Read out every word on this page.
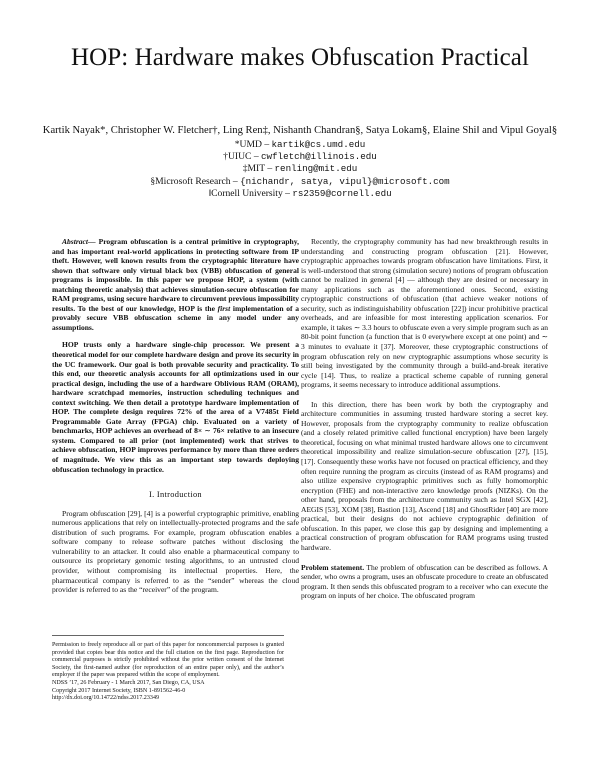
HOP: Hardware makes Obfuscation Practical
Kartik Nayak*, Christopher W. Fletcher†, Ling Ren‡, Nishanth Chandran§, Satya Lokam§, Elaine Shi‖ and Vipul Goyal§
*UMD – kartik@cs.umd.edu
†UIUC – cwfletch@illinois.edu
‡MIT – renling@mit.edu
§Microsoft Research – {nichandr, satya, vipul}@microsoft.com
‖Cornell University – rs2359@cornell.edu

Abstract— Program obfuscation is a central primitive in cryptography, and has important real-world applications in protecting software from IP theft. However, well known results from the cryptographic literature have shown that software only virtual black box (VBB) obfuscation of general programs is impossible. In this paper we propose HOP, a system (with matching theoretic analysis) that achieves simulation-secure obfuscation for RAM programs, using secure hardware to circumvent previous impossibility results. To the best of our knowledge, HOP is the first implementation of a provably secure VBB obfuscation scheme in any model under any assumptions.

HOP trusts only a hardware single-chip processor. We present a theoretical model for our complete hardware design and prove its security in the UC framework. Our goal is both provable security and practicality. To this end, our theoretic analysis accounts for all optimizations used in our practical design, including the use of a hardware Oblivious RAM (ORAM), hardware scratchpad memories, instruction scheduling techniques and context switching. We then detail a prototype hardware implementation of HOP. The complete design requires 72% of the area of a V7485t Field Programmable Gate Array (FPGA) chip. Evaluated on a variety of benchmarks, HOP achieves an overhead of 8× ∼ 76× relative to an insecure system. Compared to all prior (not implemented) work that strives to achieve obfuscation, HOP improves performance by more than three orders of magnitude. We view this as an important step towards deploying obfuscation technology in practice.

I. Introduction

Program obfuscation [29], [4] is a powerful cryptographic primitive, enabling numerous applications that rely on intellectually-protected programs and the safe distribution of such programs. For example, program obfuscation enables a software company to release software patches without disclosing the vulnerability to an attacker. It could also enable a pharmaceutical company to outsource its proprietary genomic testing algorithms, to an untrusted cloud provider, without compromising its intellectual properties. Here, the pharmaceutical company is referred to as the “sender” whereas the cloud provider is referred to as the “receiver” of the program.

Permission to freely reproduce all or part of this paper for noncommercial purposes is granted provided that copies bear this notice and the full citation on the first page. Reproduction for commercial purposes is strictly prohibited without the prior written consent of the Internet Society, the first-named author (for reproduction of an entire paper only), and the author’s employer if the paper was prepared within the scope of employment.

NDSS ’17, 26 February - 1 March 2017, San Diego, CA, USA

Copyright 2017 Internet Society, ISBN 1-891562-46-0

http://dx.doi.org/10.14722/ndss.2017.23349

Recently, the cryptography community has had new breakthrough results in understanding and constructing program obfuscation [21]. However, cryptographic approaches towards program obfuscation have limitations. First, it is well-understood that strong (simulation secure) notions of program obfuscation cannot be realized in general [4] — although they are desired or necessary in many applications such as the aforementioned ones. Second, existing cryptographic constructions of obfuscation (that achieve weaker notions of security, such as indistinguishability obfuscation [22]) incur prohibitive practical overheads, and are infeasible for most interesting application scenarios. For example, it takes ∼ 3.3 hours to obfuscate even a very simple program such as an 80-bit point function (a function that is 0 everywhere except at one point) and ∼ 3 minutes to evaluate it [37]. Moreover, these cryptographic constructions of program obfuscation rely on new cryptographic assumptions whose security is still being investigated by the community through a build-and-break iterative cycle [14]. Thus, to realize a practical scheme capable of running general programs, it seems necessary to introduce additional assumptions.

In this direction, there has been work by both the cryptography and architecture communities in assuming trusted hardware storing a secret key. However, proposals from the cryptography community to realize obfuscation (and a closely related primitive called functional encryption) have been largely theoretical, focusing on what minimal trusted hardware allows one to circumvent theoretical impossibility and realize simulation-secure obfuscation [27], [15], [17]. Consequently these works have not focused on practical efficiency, and they often require running the program as circuits (instead of as RAM programs) and also utilize expensive cryptographic primitives such as fully homomorphic encryption (FHE) and non-interactive zero knowledge proofs (NIZKs). On the other hand, proposals from the architecture community such as Intel SGX [42], AEGIS [53], XOM [38], Bastion [13], Ascend [18] and GhostRider [40] are more practical, but their designs do not achieve cryptographic definition of obfuscation. In this paper, we close this gap by designing and implementing a practical construction of program obfuscation for RAM programs using trusted hardware.

Problem statement. The problem of obfuscation can be described as follows. A sender, who owns a program, uses an obfuscate procedure to create an obfuscated program. It then sends this obfuscated program to a receiver who can execute the program on inputs of her choice. The obfuscated program
